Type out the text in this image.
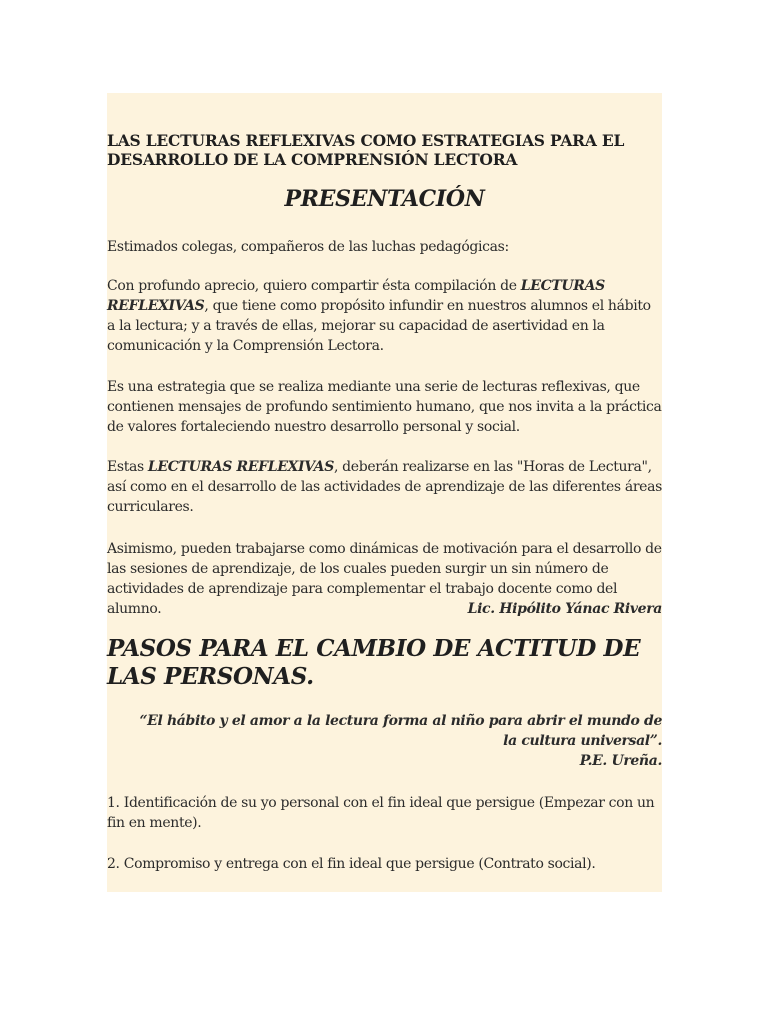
LAS LECTURAS REFLEXIVAS COMO ESTRATEGIAS PARA EL DESARROLLO DE LA COMPRENSIÓN LECTORA
PRESENTACIÓN

Estimados colegas, compañeros de las luchas pedagógicas:

Con profundo aprecio, quiero compartir ésta compilación de LECTURAS REFLEXIVAS, que tiene como propósito infundir en nuestros alumnos el hábito a la lectura; y a través de ellas, mejorar su capacidad de asertividad en la comunicación y la Comprensión Lectora.

Es una estrategia que se realiza mediante una serie de lecturas reflexivas, que contienen mensajes de profundo sentimiento humano, que nos invita a la práctica de valores fortaleciendo nuestro desarrollo personal y social.

Estas LECTURAS REFLEXIVAS, deberán realizarse en las "Horas de Lectura", así como en el desarrollo de las actividades de aprendizaje de las diferentes áreas curriculares.

Asimismo, pueden trabajarse como dinámicas de motivación para el desarrollo de las sesiones de aprendizaje, de los cuales pueden surgir un sin número de actividades de aprendizaje para complementar el trabajo docente como del alumno.	Lic. Hipólito Yánac Rivera
PASOS PARA EL CAMBIO DE ACTITUD DE LAS PERSONAS.
“El hábito y el amor a la lectura forma al niño para abrir el mundo de
la cultura universal”.
P.E. Ureña.

1. Identificación de su yo personal con el fin ideal que persigue (Empezar con un fin en mente).

2. Compromiso y entrega con el fin ideal que persigue (Contrato social).
